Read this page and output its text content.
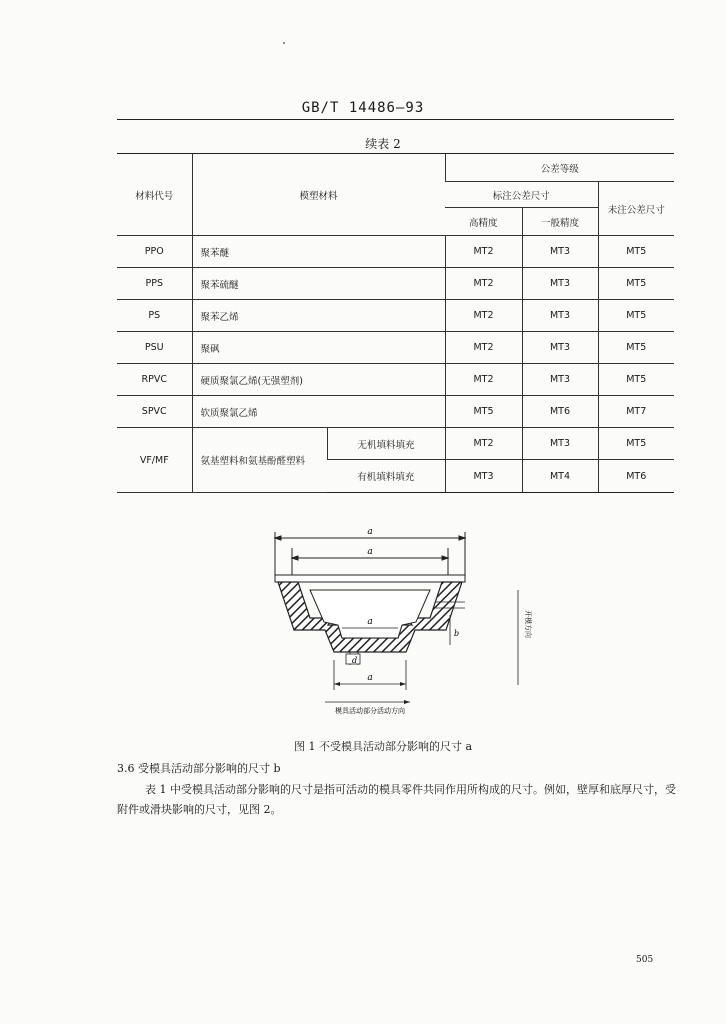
GB/T 14486—93
续表 2
材料代号	模塑材料		公差等级		
			标注公差尺寸		未注公差尺寸
			高精度	一般精度	
PPO	聚苯醚		MT2	MT3	MT5
PPS	聚苯硫醚		MT2	MT3	MT5
PS	聚苯乙烯		MT2	MT3	MT5
PSU	聚砜		MT2	MT3	MT5
RPVC	硬质聚氯乙烯(无强塑剂)		MT2	MT3	MT5
SPVC	软质聚氯乙烯		MT5	MT6	MT7
VF/MF	氨基塑料和氨基酚醛塑料	无机填料填充	MT2	MT3	MT5
		有机填料填充	MT3	MT4	MT6
a
a
a
d
a
b	开模方向
模具活动部分活动方向
图 1 不受模具活动部分影响的尺寸 a
3.6 受模具活动部分影响的尺寸 b
表 1 中受模具活动部分影响的尺寸是指可活动的模具零件共同作用所构成的尺寸。例如，壁厚和底厚尺寸，受附件或滑块影响的尺寸，见图 2。
505
